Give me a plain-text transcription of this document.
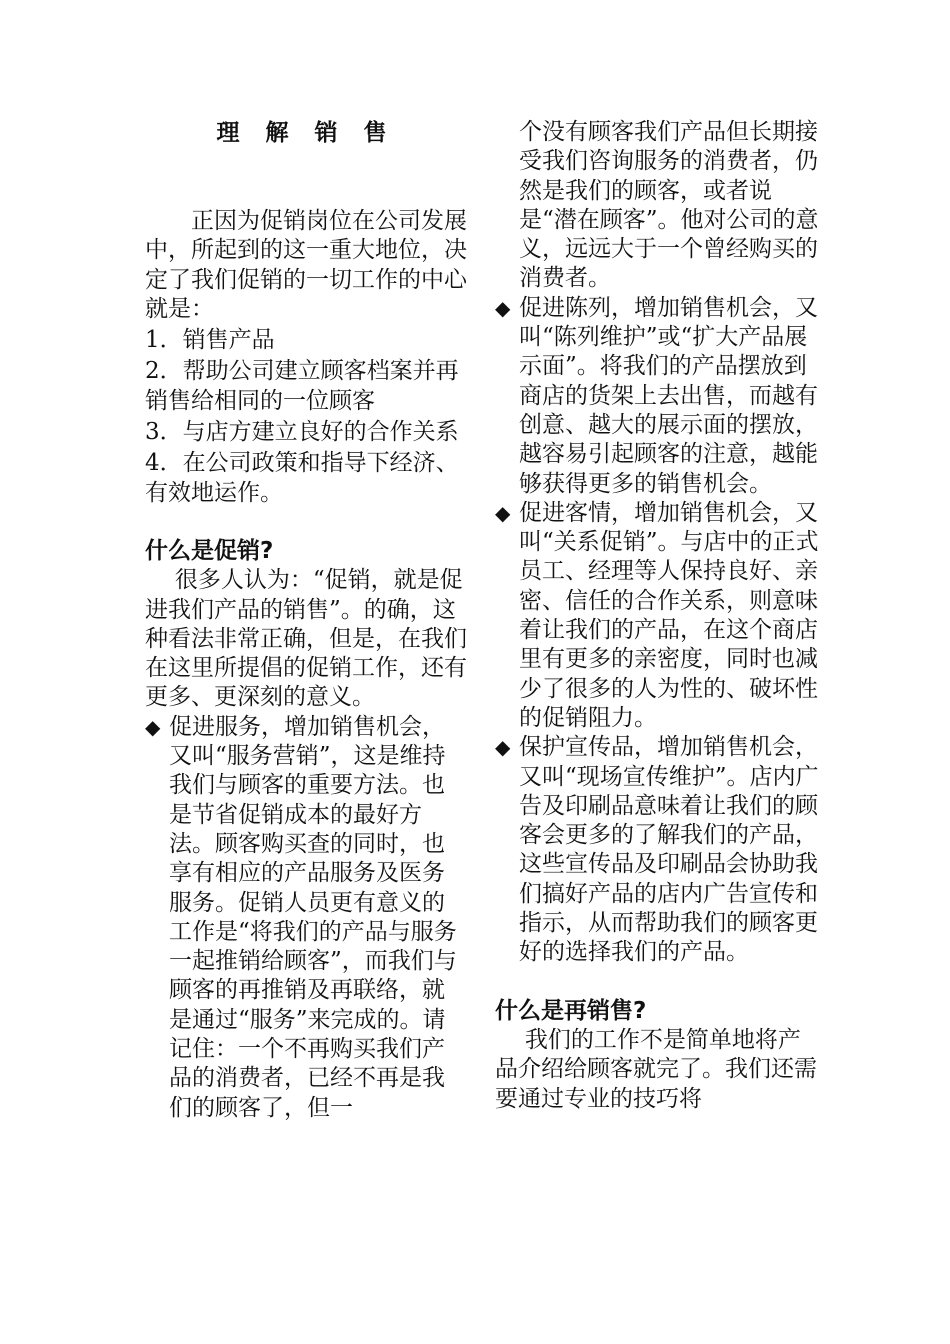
理 解 销 售

正因为促销岗位在公司发展中，所起到的这一重大地位，决定了我们促销的一切工作的中心就是：

1．销售产品

2．帮助公司建立顾客档案并再销售给相同的一位顾客

3．与店方建立良好的合作关系

4．在公司政策和指导下经济、有效地运作。

什么是促销?

很多人认为：“促销，就是促进我们产品的销售”。的确，这种看法非常正确，但是，在我们在这里所提倡的促销工作，还有更多、更深刻的意义。

◆ 促进服务，增加销售机会，又叫“服务营销”，这是维持我们与顾客的重要方法。也是节省促销成本的最好方法。顾客购买查的同时，也享有相应的产品服务及医务服务。促销人员更有意义的工作是“将我们的产品与服务一起推销给顾客”，而我们与顾客的再推销及再联络，就是通过“服务”来完成的。请记住：一个不再购买我们产品的消费者，已经不再是我们的顾客了，但一

个没有顾客我们产品但长期接受我们咨询服务的消费者，仍然是我们的顾客，或者说是“潜在顾客”。他对公司的意义，远远大于一个曾经购买的消费者。

◆ 促进陈列，增加销售机会，又叫“陈列维护”或“扩大产品展示面”。将我们的产品摆放到商店的货架上去出售，而越有创意、越大的展示面的摆放，越容易引起顾客的注意，越能够获得更多的销售机会。
◆ 促进客情，增加销售机会，又叫“关系促销”。与店中的正式员工、经理等人保持良好、亲密、信任的合作关系，则意味着让我们的产品，在这个商店里有更多的亲密度，同时也减少了很多的人为性的、破坏性的促销阻力。
◆ 保护宣传品，增加销售机会，又叫“现场宣传维护”。店内广告及印刷品意味着让我们的顾客会更多的了解我们的产品，这些宣传品及印刷品会协助我们搞好产品的店内广告宣传和指示，从而帮助我们的顾客更好的选择我们的产品。

什么是再销售?

我们的工作不是简单地将产品介绍给顾客就完了。我们还需要通过专业的技巧将
